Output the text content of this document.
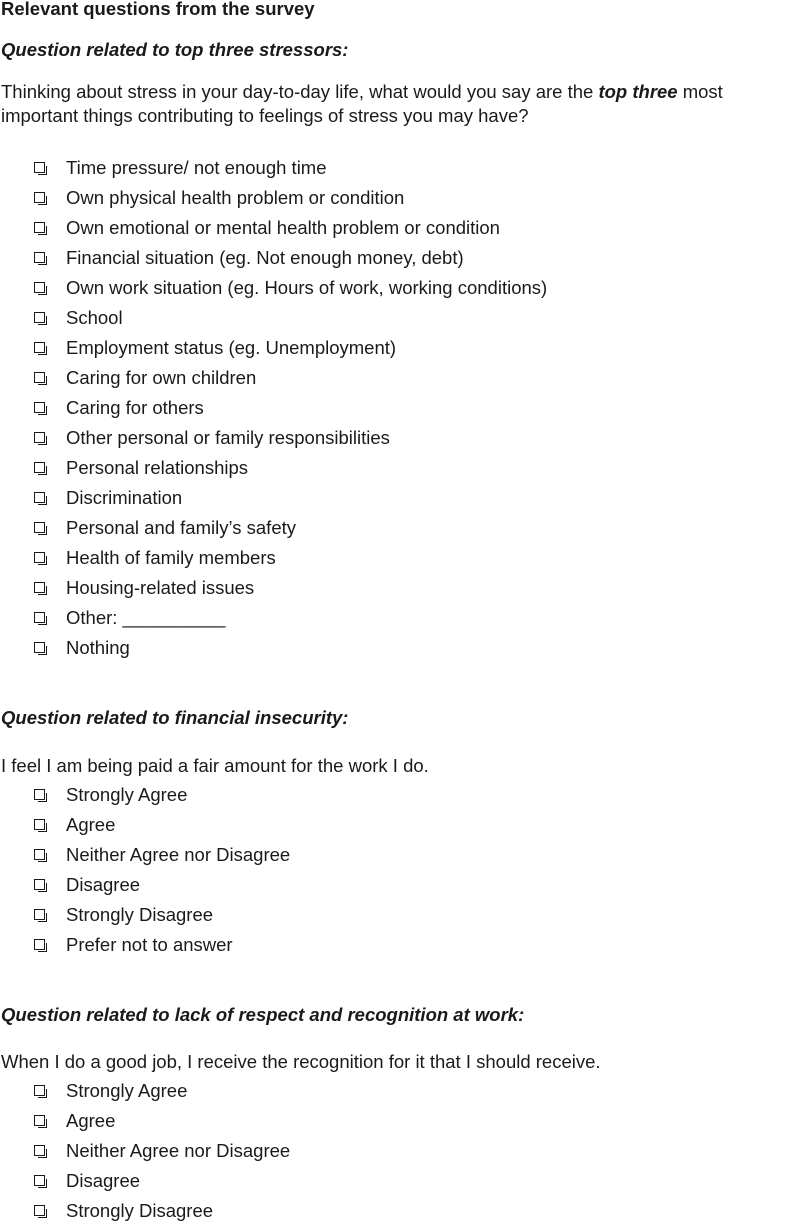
Relevant questions from the survey
Question related to top three stressors:

Thinking about stress in your day-to-day life, what would you say are the top three most important things contributing to feelings of stress you may have?

Time pressure/ not enough time
Own physical health problem or condition
Own emotional or mental health problem or condition
Financial situation (eg. Not enough money, debt)
Own work situation (eg. Hours of work, working conditions)
School
Employment status (eg. Unemployment)
Caring for own children
Caring for others
Other personal or family responsibilities
Personal relationships
Discrimination
Personal and family’s safety
Health of family members
Housing-related issues
Other: __________
Nothing
Question related to financial insecurity:

I feel I am being paid a fair amount for the work I do.

Strongly Agree
Agree
Neither Agree nor Disagree
Disagree
Strongly Disagree
Prefer not to answer
Question related to lack of respect and recognition at work:

When I do a good job, I receive the recognition for it that I should receive.

Strongly Agree
Agree
Neither Agree nor Disagree
Disagree
Strongly Disagree
